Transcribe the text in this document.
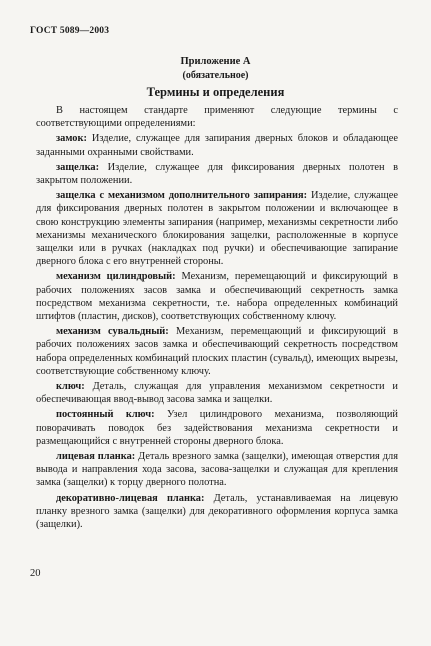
ГОСТ 5089—2003
Приложение А
(обязательное)
Термины и определения

В настоящем стандарте применяют следующие термины с соответствующими определениями:

замок: Изделие, служащее для запирания дверных блоков и обладающее заданными охранными свойствами.

защелка: Изделие, служащее для фиксирования дверных полотен в закрытом положении.

защелка с механизмом дополнительного запирания: Изделие, служащее для фиксирования дверных полотен в закрытом положении и включающее в свою конструкцию элементы запирания (например, механизмы секретности либо механизмы механического блокирования защелки, расположенные в корпусе защелки или в ручках (накладках под ручки) и обеспечивающие запирание дверного блока с его внутренней стороны.

механизм цилиндровый: Механизм, перемещающий и фиксирующий в рабочих положениях засов замка и обеспечивающий секретность замка посредством механизма секретности, т.е. набора определенных комбинаций штифтов (пластин, дисков), соответствующих собственному ключу.

механизм сувальдный: Механизм, перемещающий и фиксирующий в рабочих положениях засов замка и обеспечивающий секретность посредством набора определенных комбинаций плоских пластин (сувальд), имеющих вырезы, соответствующие собственному ключу.

ключ: Деталь, служащая для управления механизмом секретности и обеспечивающая ввод-вывод засова замка и защелки.

постоянный ключ: Узел цилиндрового механизма, позволяющий поворачивать поводок без задействования механизма секретности и размещающийся с внутренней стороны дверного блока.

лицевая планка: Деталь врезного замка (защелки), имеющая отверстия для вывода и направления хода засова, засова-защелки и служащая для крепления замка (защелки) к торцу дверного полотна.

декоративно-лицевая планка: Деталь, устанавливаемая на лицевую планку врезного замка (защелки) для декоративного оформления корпуса замка (защелки).

20
